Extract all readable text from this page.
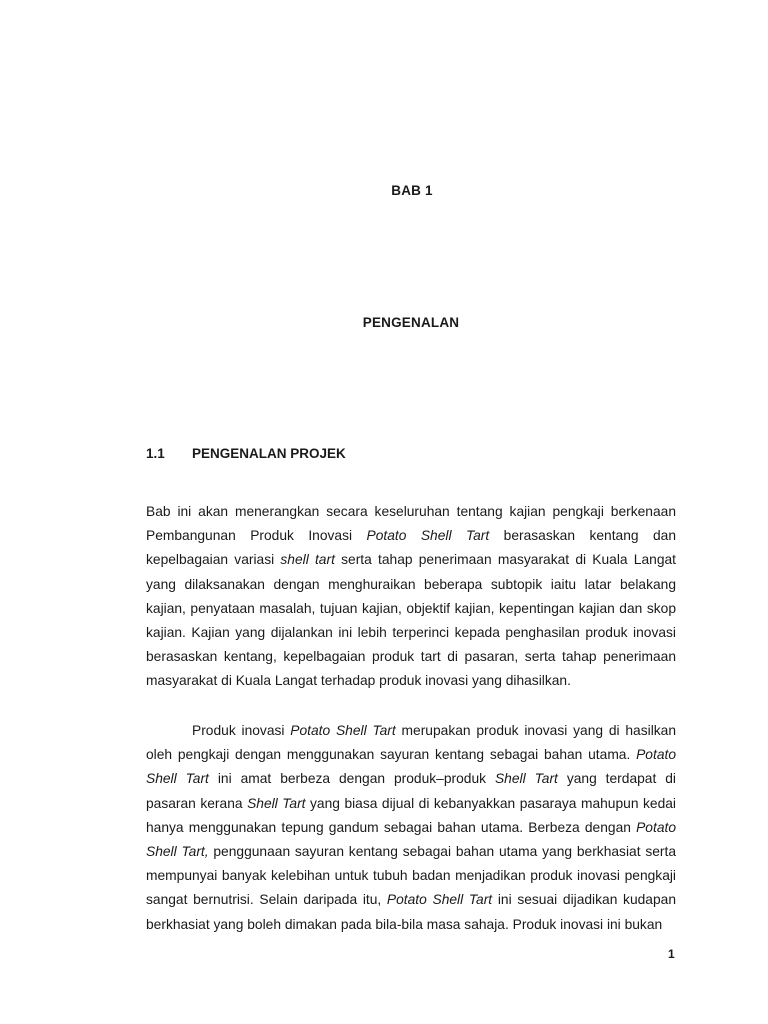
BAB 1
PENGENALAN
1.1 PENGENALAN PROJEK
Bab ini akan menerangkan secara keseluruhan tentang kajian pengkaji berkenaan
Pembangunan Produk Inovasi Potato Shell Tart berasaskan kentang dan
kepelbagaian variasi shell tart serta tahap penerimaan masyarakat di Kuala Langat
yang dilaksanakan dengan menghuraikan beberapa subtopik iaitu latar belakang
kajian, penyataan masalah, tujuan kajian, objektif kajian, kepentingan kajian dan skop
kajian. Kajian yang dijalankan ini lebih terperinci kepada penghasilan produk inovasi
berasaskan kentang, kepelbagaian produk tart di pasaran, serta tahap penerimaan
masyarakat di Kuala Langat terhadap produk inovasi yang dihasilkan.
Produk inovasi Potato Shell Tart merupakan produk inovasi yang di hasilkan
oleh pengkaji dengan menggunakan sayuran kentang sebagai bahan utama. Potato
Shell Tart ini amat berbeza dengan produk–produk Shell Tart yang terdapat di
pasaran kerana Shell Tart yang biasa dijual di kebanyakkan pasaraya mahupun kedai
hanya menggunakan tepung gandum sebagai bahan utama. Berbeza dengan Potato
Shell Tart, penggunaan sayuran kentang sebagai bahan utama yang berkhasiat serta
mempunyai banyak kelebihan untuk tubuh badan menjadikan produk inovasi pengkaji
sangat bernutrisi. Selain daripada itu, Potato Shell Tart ini sesuai dijadikan kudapan
berkhasiat yang boleh dimakan pada bila-bila masa sahaja. Produk inovasi ini bukan
1
